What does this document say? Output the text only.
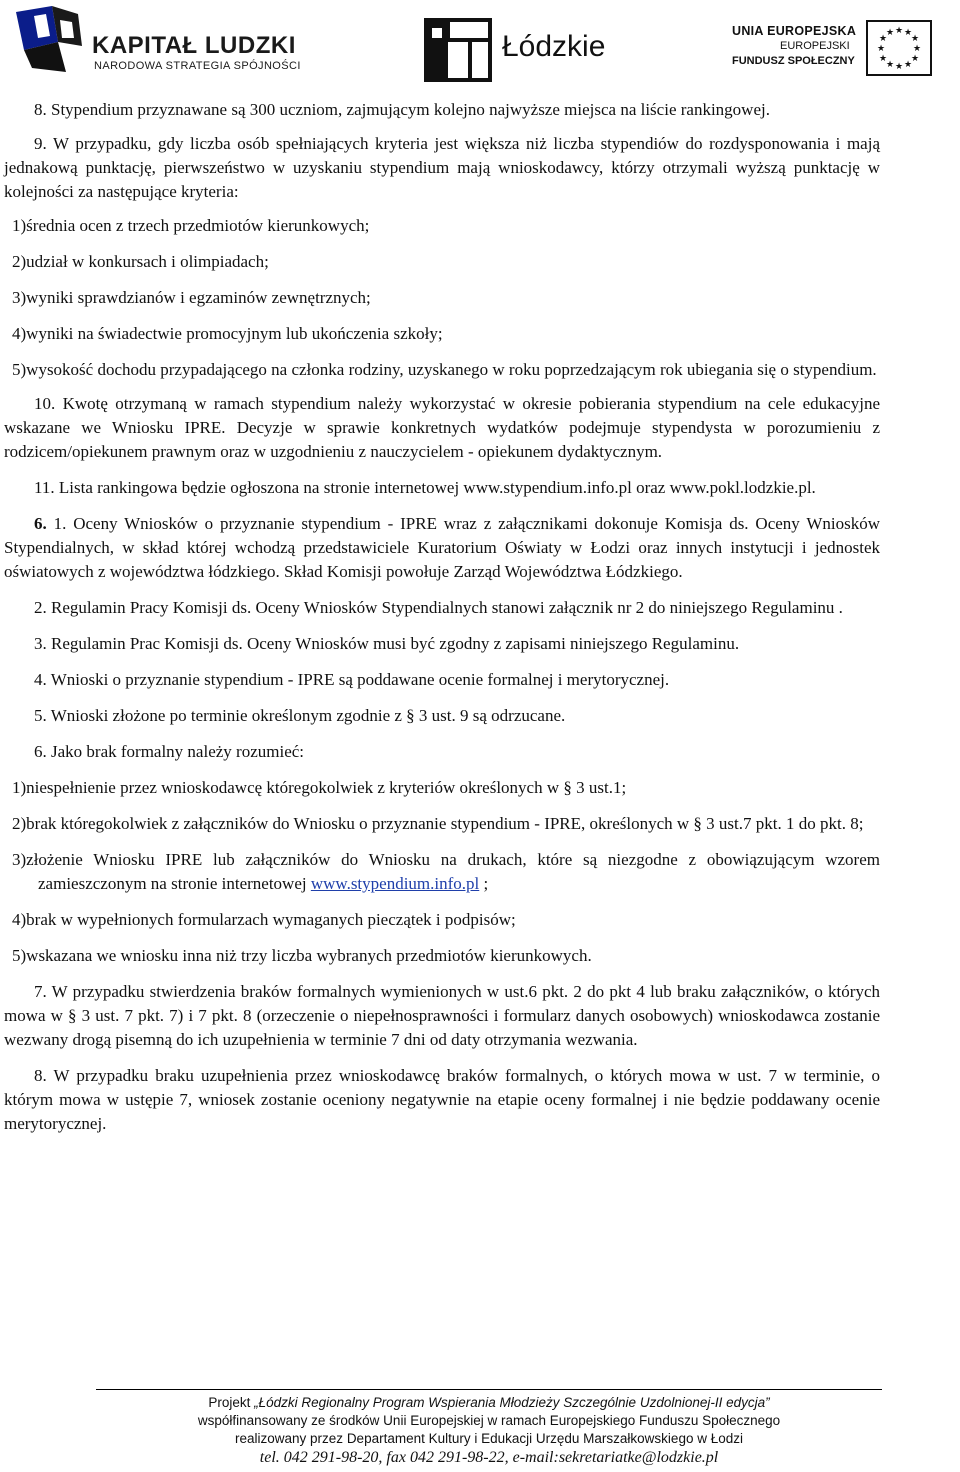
KAPITAŁ LUDZKI
NARODOWA STRATEGIA SPÓJNOŚCI
Łódzkie	UNIA EUROPEJSKA
EUROPEJSKI
FUNDUSZ SPOŁECZNY
★ ★
★
★
★
★
★
★
★
★
★
★

8. Stypendium przyznawane są 300 uczniom, zajmującym kolejno najwyższe miejsca na liście rankingowej.

9. W przypadku, gdy liczba osób spełniających kryteria jest większa niż liczba stypendiów do rozdysponowania i mają jednakową punktację, pierwszeństwo w uzyskaniu stypendium mają wnioskodawcy, którzy otrzymali wyższą punktację w kolejności za następujące kryteria:

1)średnia ocen z trzech przedmiotów kierunkowych;

2)udział w konkursach i olimpiadach;

3)wyniki sprawdzianów i egzaminów zewnętrznych;

4)wyniki na świadectwie promocyjnym lub ukończenia szkoły;

5)wysokość dochodu przypadającego na członka rodziny, uzyskanego w roku poprzedzającym rok ubiegania się o stypendium.

10. Kwotę otrzymaną w ramach stypendium należy wykorzystać w okresie pobierania stypendium na cele edukacyjne wskazane we Wniosku IPRE. Decyzje w sprawie konkretnych wydatków podejmuje stypendysta w porozumieniu z rodzicem/opiekunem prawnym oraz w uzgodnieniu z nauczycielem - opiekunem dydaktycznym.

11. Lista rankingowa będzie ogłoszona na stronie internetowej www.stypendium.info.pl oraz www.pokl.lodzkie.pl.

6. 1. Oceny Wniosków o przyznanie stypendium - IPRE wraz z załącznikami dokonuje Komisja ds. Oceny Wniosków Stypendialnych, w skład której wchodzą przedstawiciele Kuratorium Oświaty w Łodzi oraz innych instytucji i jednostek oświatowych z województwa łódzkiego. Skład Komisji powołuje Zarząd Województwa Łódzkiego.

2. Regulamin Pracy Komisji ds. Oceny Wniosków Stypendialnych stanowi załącznik nr 2 do niniejszego Regulaminu .

3. Regulamin Prac Komisji ds. Oceny Wniosków musi być zgodny z zapisami niniejszego Regulaminu.

4. Wnioski o przyznanie stypendium - IPRE są poddawane ocenie formalnej i merytorycznej.

5. Wnioski złożone po terminie określonym zgodnie z § 3 ust. 9 są odrzucane.

6. Jako brak formalny należy rozumieć:

1)niespełnienie przez wnioskodawcę któregokolwiek z kryteriów określonych w § 3 ust.1;

2)brak któregokolwiek z załączników do Wniosku o przyznanie stypendium - IPRE, określonych w § 3 ust.7 pkt. 1 do pkt. 8;

3)złożenie Wniosku IPRE lub załączników do Wniosku na drukach, które są niezgodne z obowiązującym wzorem zamieszczonym na stronie internetowej www.stypendium.info.pl ;

4)brak w wypełnionych formularzach wymaganych pieczątek i podpisów;

5)wskazana we wniosku inna niż trzy liczba wybranych przedmiotów kierunkowych.

7. W przypadku stwierdzenia braków formalnych wymienionych w ust.6 pkt. 2 do pkt 4 lub braku załączników, o których mowa w § 3 ust. 7 pkt. 7) i 7 pkt. 8 (orzeczenie o niepełnosprawności i formularz danych osobowych) wnioskodawca zostanie wezwany drogą pisemną do ich uzupełnienia w terminie 7 dni od daty otrzymania wezwania.

8. W przypadku braku uzupełnienia przez wnioskodawcę braków formalnych, o których mowa w ust. 7 w terminie, o którym mowa w ustępie 7, wniosek zostanie oceniony negatywnie na etapie oceny formalnej i nie będzie poddawany ocenie merytorycznej.

Projekt „Łódzki Regionalny Program Wspierania Młodzieży Szczególnie Uzdolnionej-II edycja”
współfinansowany ze środków Unii Europejskiej w ramach Europejskiego Funduszu Społecznego
realizowany przez Departament Kultury i Edukacji Urzędu Marszałkowskiego w Łodzi
tel. 042 291-98-20, fax 042 291-98-22, e-mail:sekretariatke@lodzkie.pl
